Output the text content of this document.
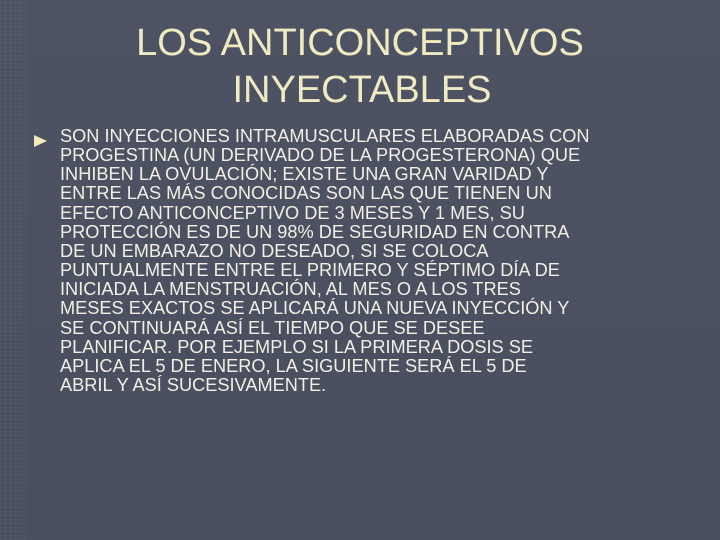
LOS ANTICONCEPTIVOS
INYECTABLES
SON INYECCIONES INTRAMUSCULARES ELABORADAS CON
PROGESTINA (UN DERIVADO DE LA PROGESTERONA) QUE
INHIBEN LA OVULACIÓN; EXISTE UNA GRAN VARIDAD Y
ENTRE LAS MÁS CONOCIDAS SON LAS QUE TIENEN UN
EFECTO ANTICONCEPTIVO DE 3 MESES Y 1 MES, SU
PROTECCIÓN ES DE UN 98% DE SEGURIDAD EN CONTRA
DE UN EMBARAZO NO DESEADO, SI SE COLOCA
PUNTUALMENTE ENTRE EL PRIMERO Y SÉPTIMO DÍA DE
INICIADA LA MENSTRUACIÓN, AL MES O A LOS TRES
MESES EXACTOS SE APLICARÁ UNA NUEVA INYECCIÓN Y
SE CONTINUARÁ ASÍ EL TIEMPO QUE SE DESEE
PLANIFICAR. POR EJEMPLO SI LA PRIMERA DOSIS SE
APLICA EL 5 DE ENERO, LA SIGUIENTE SERÁ EL 5 DE
ABRIL Y ASÍ SUCESIVAMENTE.
